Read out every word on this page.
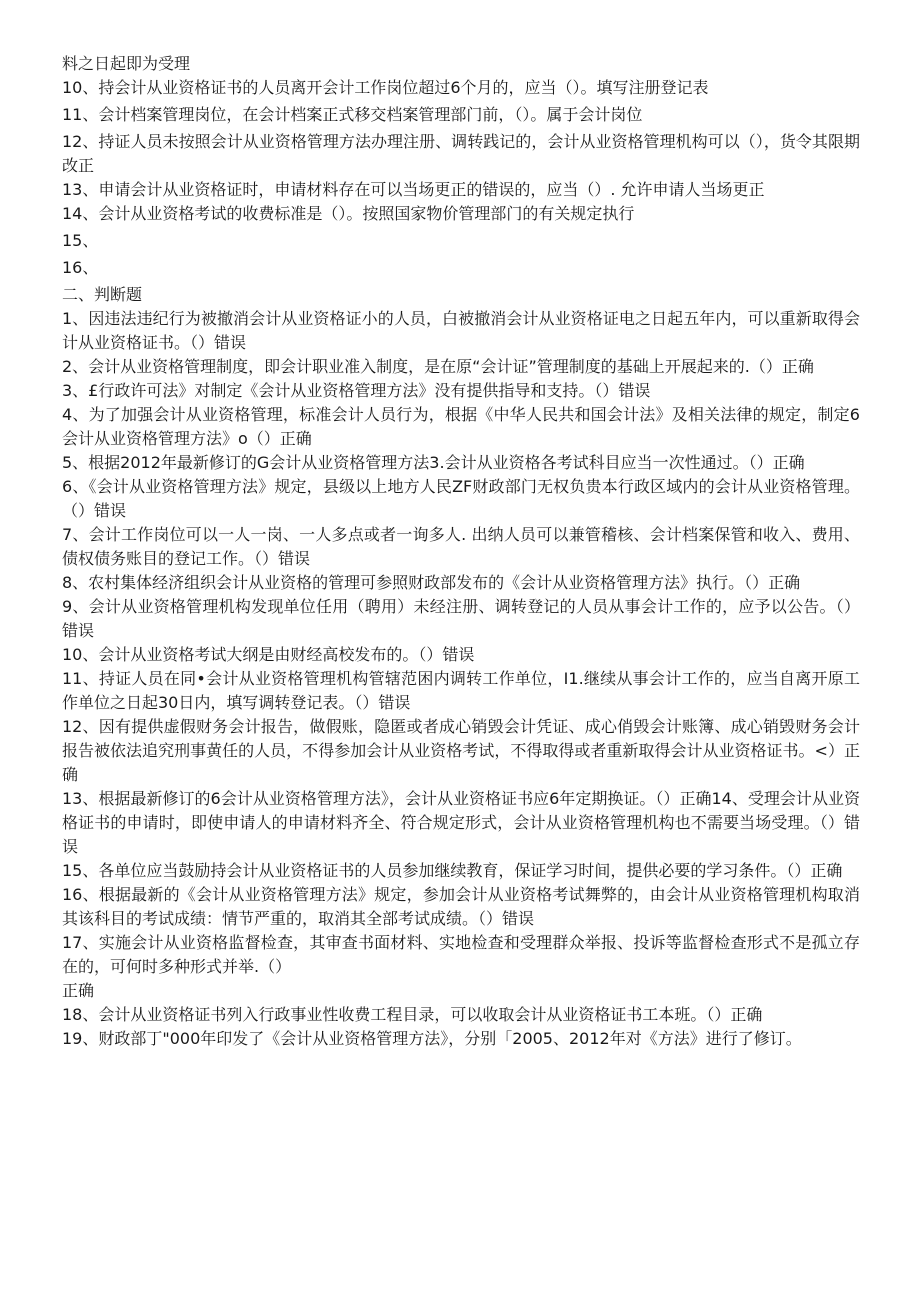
料之日起即为受理

10、持会计从业资格证书的人员离开会计工作岗位超过6个月的，应当（）。填写注册登记表

11、会计档案管理岗位，在会计档案正式移交档案管理部门前，（）。属于会计岗位

12、持证人员未按照会计从业资格管理方法办理注册、调转践记的，会计从业资格管理机构可以（），货令其限期改正

13、申请会计从业资格证时，申请材料存在可以当场更正的错误的，应当（）. 允许申请人当场更正

14、会计从业资格考试的收费标准是（）。按照国家物价管理部门的有关规定执行

15、

16、

二、判断题

1、因违法违纪行为被撤消会计从业资格证小的人员，白被撤消会计从业资格证电之日起五年内，可以重新取得会计从业资格证书。（）错误

2、会计从业资格管理制度，即会计职业准入制度，是在原“会计证”管理制度的基础上开展起来的.（）正确

3、£行政许可法》对制定《会计从业资格管理方法》没有提供指导和支持。（）错误

4、为了加强会计从业资格管理，标准会计人员行为，根据《中华人民共和国会计法》及相关法律的规定，制定6会计从业资格管理方法》o（）正确

5、根据2012年最新修订的G会计从业资格管理方法3.会计从业资格各考试科目应当一次性通过。（）正确

6、《会计从业资格管理方法》规定，县级以上地方人民ZF财政部门无权负贵本行政区域内的会计从业资格管理。（）错误

7、会计工作岗位可以一人一岗、一人多点或者一询多人. 出纳人员可以兼管稽核、会计档案保管和收入、费用、债权债务账目的登记工作。（）错误

8、农村集体经济组织会计从业资格的管理可参照财政部发布的《会计从业资格管理方法》执行。（）正确

9、会计从业资格管理机构发现单位任用（聘用）未经注册、调转登记的人员从事会计工作的，应予以公告。（）错误

10、会计从业资格考试大纲是由财经高校发布的。（）错误

11、持证人员在同•会计从业资格管理机构管辖范困内调转工作单位，I1.继续从事会计工作的，应当自离开原工作单位之日起30日内，填写调转登记表。（）错误

12、因有提供虚假财务会计报告，做假账，隐匿或者成心销毁会计凭证、成心俏毁会计账簿、成心销毁财务会计报告被依法追究刑事黄任的人员，不得参加会计从业资格考试，不得取得或者重新取得会计从业资格证书。<）正确

13、根据最新修订的6会计从业资格管理方法》，会计从业资格证书应6年定期换证。（）正确14、受理会计从业资格证书的申请时，即使申请人的申请材料齐全、符合规定形式，会计从业资格管理机构也不需要当场受理。（）错误

15、各单位应当鼓励持会计从业资格证书的人员参加继续教育，保证学习时间，提供必要的学习条件。（）正确

16、根据最新的《会计从业资格管理方法》规定，参加会计从业资格考试舞弊的，由会计从业资格管理机构取消其该科目的考试成绩：情节严重的，取消其全部考试成绩。（）错误

17、实施会计从业资格监督检查，其审查书面材料、实地检查和受理群众举报、投诉等监督检查形式不是孤立存在的，可何时多种形式并举.（）

正确

18、会计从业资格证书列入行政事业性收费工程目录，可以收取会计从业资格证书工本班。（）正确

19、财政部丁"000年印发了《会计从业资格管理方法》，分别「2005、2012年对《方法》进行了修订。
